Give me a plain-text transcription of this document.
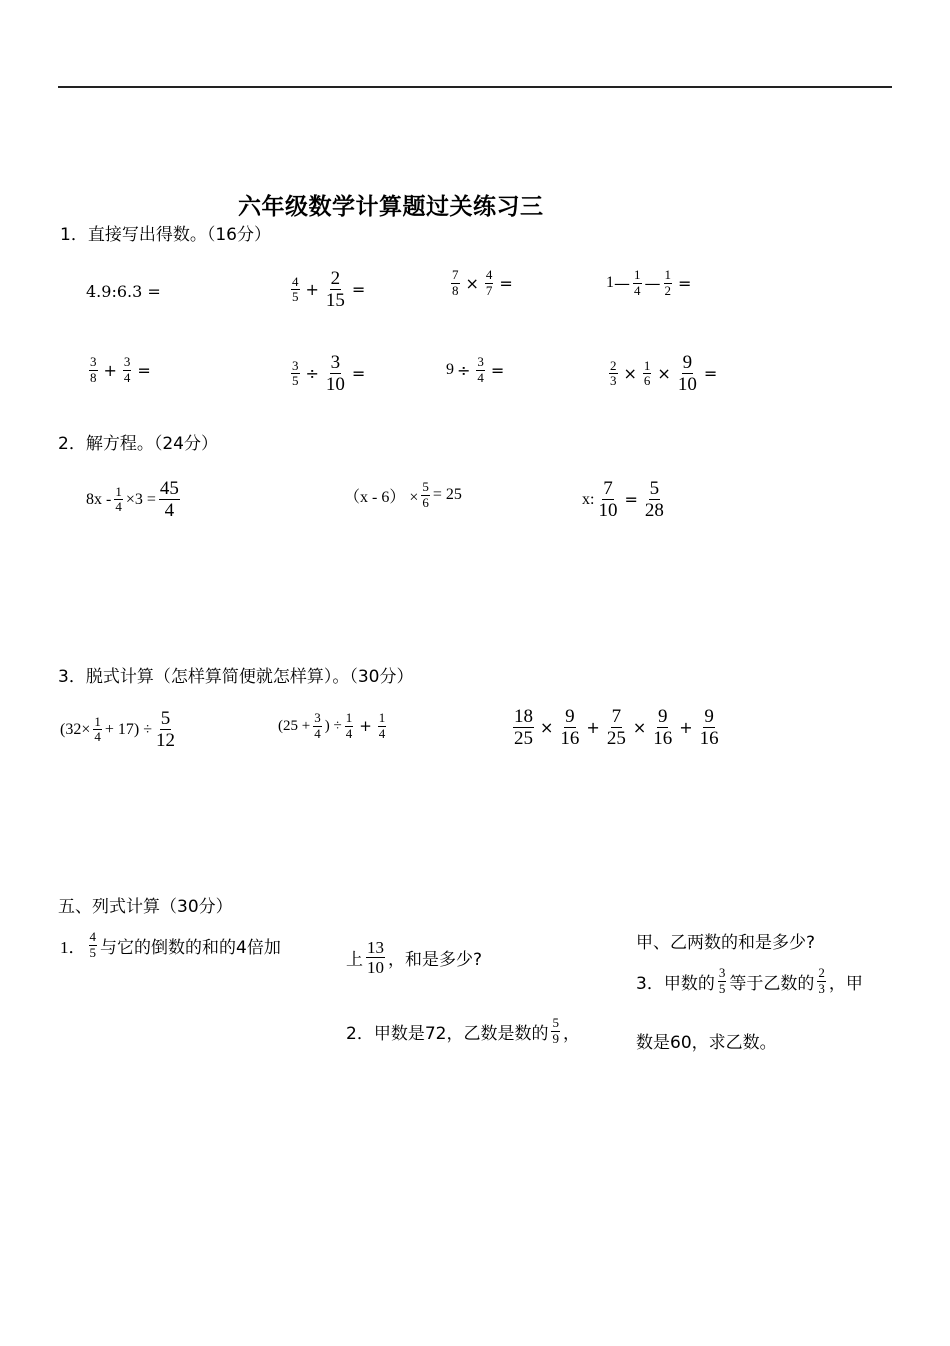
六年级数学计算题过关练习三
1．直接写出得数。（16分）
4.9:6.3 =	$\frac{4}{5} + \frac{2}{15}$ =	$\frac{7}{8} \times \frac{4}{7}$ =	1 — $\frac{1}{4}$ — $\frac{1}{2}$ =
$\frac{3}{8} + \frac{3}{4}$ =	$\frac{3}{5} \div \frac{3}{10}$ =	$9 \div \frac{3}{4}$ =	$\frac{2}{3} \times \frac{1}{6} \times \frac{9}{10}$ =
2．解方程。（24分）
$8x - \frac{1}{4} \times 3 = \frac{45}{4}$	$(x - 6) \times \frac{5}{6} = 25$	x: $\frac{7}{10} = \frac{5}{28}$
3．脱式计算（怎样算简便就怎样算）。（30分）
$(32\times \frac{1}{4} + 17) \div \frac{5}{12}$	($25 + \frac{3}{4}$ ) ÷ $\frac{1}{4} + \frac{1}{4}$	$\frac{18}{25} \times \frac{9}{16} + \frac{7}{25} \times \frac{9}{16} + \frac{9}{16}$
五、列式计算（30分）
1． $\frac{4}{5}$ 与它的倒数的和的4倍加
上 $\frac{13}{10}$ ，和是多少?
2．甲数是72，乙数是数的 $\frac{5}{9}$ ，
甲、乙两数的和是多少?
3．甲数的 $\frac{3}{5}$ 等于乙数的 $\frac{2}{3}$ ，甲
数是60，求乙数。
